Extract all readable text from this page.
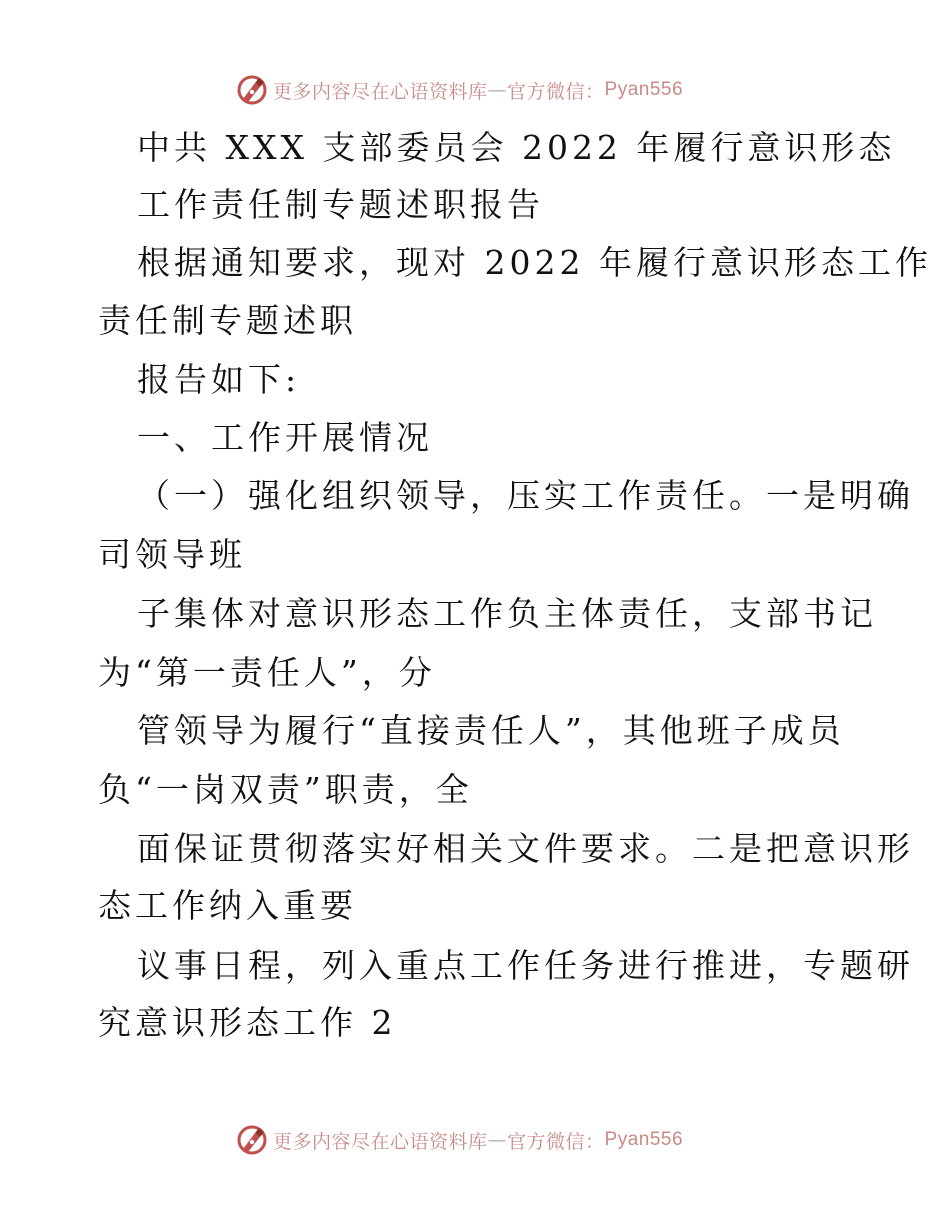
更多内容尽在心语资料库 — 官方微信： Pyan556
中共 XXX 支部委员会 2022 年履行意识形态
工作责任制专题述职报告
根据通知要求，现对 2022 年履行意识形态工作
责任制专题述职
报告如下:
一、工作开展情况
（一）强化组织领导，压实工作责任。一是明确
司领导班
子集体对意识形态工作负主体责任，支部书记
为“第一责任人”，分
管领导为履行“直接责任人”，其他班子成员
负“一岗双责”职责，全
面保证贯彻落实好相关文件要求。二是把意识形
态工作纳入重要
议事日程，列入重点工作任务进行推进，专题研
究意识形态工作 2
更多内容尽在心语资料库 — 官方微信： Pyan556
